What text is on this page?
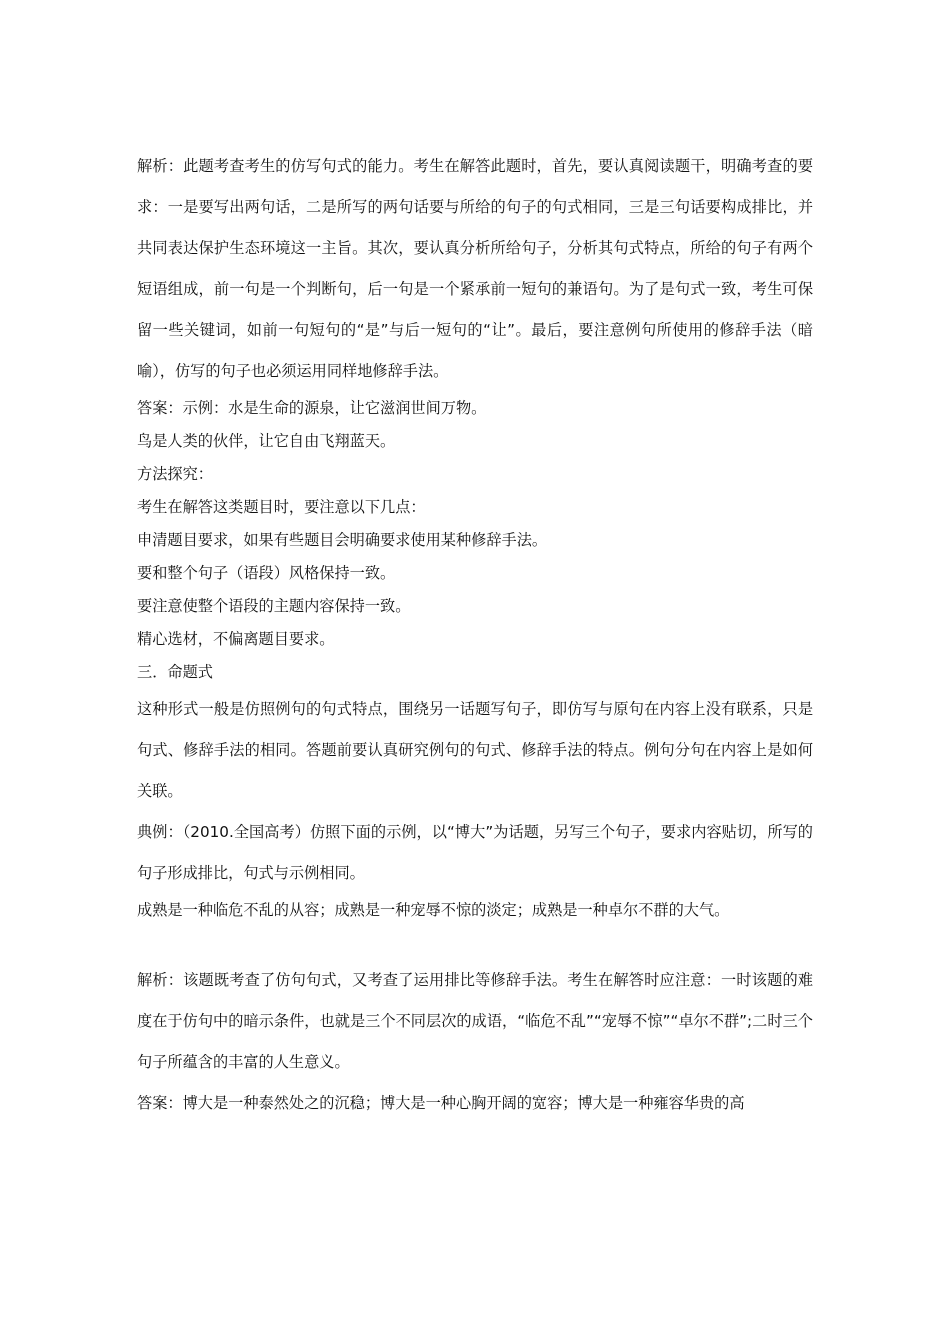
解析：此题考查考生的仿写句式的能力。考生在解答此题时，首先，要认真阅读题干，明确考查的要求：一是要写出两句话，二是所写的两句话要与所给的句子的句式相同，三是三句话要构成排比，并共同表达保护生态环境这一主旨。其次，要认真分析所给句子，分析其句式特点，所给的句子有两个短语组成，前一句是一个判断句，后一句是一个紧承前一短句的兼语句。为了是句式一致，考生可保留一些关键词，如前一句短句的“是”与后一短句的“让”。最后，要注意例句所使用的修辞手法（暗喻），仿写的句子也必须运用同样地修辞手法。

答案：示例：水是生命的源泉，让它滋润世间万物。

鸟是人类的伙伴，让它自由飞翔蓝天。

方法探究：

考生在解答这类题目时，要注意以下几点：

申清题目要求，如果有些题目会明确要求使用某种修辞手法。

要和整个句子（语段）风格保持一致。

要注意使整个语段的主题内容保持一致。

精心选材，不偏离题目要求。

三．命题式

这种形式一般是仿照例句的句式特点，围绕另一话题写句子，即仿写与原句在内容上没有联系，只是句式、修辞手法的相同。答题前要认真研究例句的句式、修辞手法的特点。例句分句在内容上是如何关联。

典例：（2010.全国高考）仿照下面的示例，以“博大”为话题，另写三个句子，要求内容贴切，所写的句子形成排比，句式与示例相同。

成熟是一种临危不乱的从容；成熟是一种宠辱不惊的淡定；成熟是一种卓尔不群的大气。

解析：该题既考查了仿句句式，又考查了运用排比等修辞手法。考生在解答时应注意：一时该题的难度在于仿句中的暗示条件，也就是三个不同层次的成语，“临危不乱”“宠辱不惊”“卓尔不群”;二时三个句子所蕴含的丰富的人生意义。

答案：博大是一种泰然处之的沉稳；博大是一种心胸开阔的宽容；博大是一种雍容华贵的高
